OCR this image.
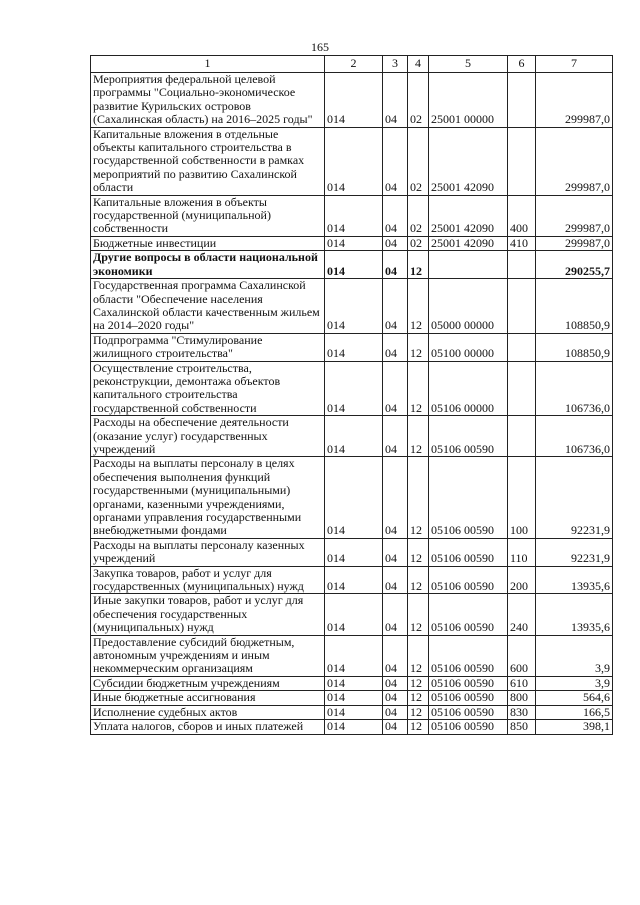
165
1	2	3	4	5	6	7
Мероприятия федеральной целевой программы "Социально-экономическое развитие Курильских островов (Сахалинская область) на 2016–2025 годы"	014	04	02	25001 00000		299987,0
Капитальные вложения в отдельные объекты капитального строительства в государственной собственности в рамках мероприятий по развитию Сахалинской области	014	04	02	25001 42090		299987,0
Капитальные вложения в объекты государственной (муниципальной) собственности	014	04	02	25001 42090	400	299987,0
Бюджетные инвестиции	014	04	02	25001 42090	410	299987,0
Другие вопросы в области национальной экономики	014	04	12			290255,7
Государственная программа Сахалинской области "Обеспечение населения Сахалинской области качественным жильем на 2014–2020 годы"	014	04	12	05000 00000		108850,9
Подпрограмма "Стимулирование жилищного строительства"	014	04	12	05100 00000		108850,9
Осуществление строительства, реконструкции, демонтажа объектов капитального строительства государственной собственности	014	04	12	05106 00000		106736,0
Расходы на обеспечение деятельности (оказание услуг) государственных учреждений	014	04	12	05106 00590		106736,0
Расходы на выплаты персоналу в целях обеспечения выполнения функций государственными (муниципальными) органами, казенными учреждениями, органами управления государственными внебюджетными фондами	014	04	12	05106 00590	100	92231,9
Расходы на выплаты персоналу казенных учреждений	014	04	12	05106 00590	110	92231,9
Закупка товаров, работ и услуг для государственных (муниципальных) нужд	014	04	12	05106 00590	200	13935,6
Иные закупки товаров, работ и услуг для обеспечения государственных (муниципальных) нужд	014	04	12	05106 00590	240	13935,6
Предоставление субсидий бюджетным, автономным учреждениям и иным некоммерческим организациям	014	04	12	05106 00590	600	3,9
Субсидии бюджетным учреждениям	014	04	12	05106 00590	610	3,9
Иные бюджетные ассигнования	014	04	12	05106 00590	800	564,6
Исполнение судебных актов	014	04	12	05106 00590	830	166,5
Уплата налогов, сборов и иных платежей	014	04	12	05106 00590	850	398,1
